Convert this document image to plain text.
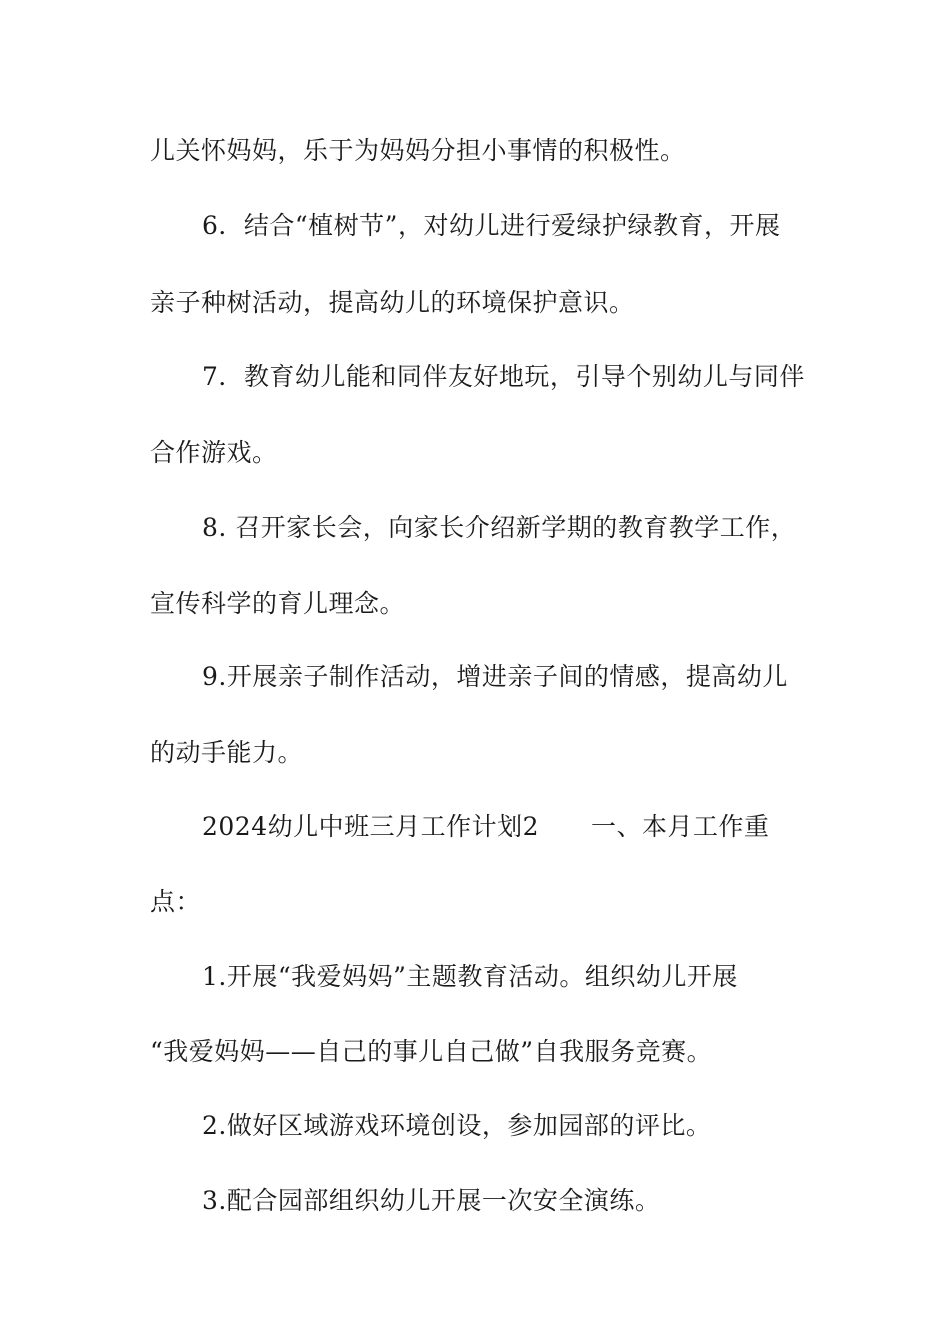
儿关怀妈妈，乐于为妈妈分担小事情的积极性。
6．结合“植树节”，对幼儿进行爱绿护绿教育，开展
亲子种树活动，提高幼儿的环境保护意识。
7．教育幼儿能和同伴友好地玩，引导个别幼儿与同伴
合作游戏。
8. 召开家长会，向家长介绍新学期的教育教学工作，
宣传科学的育儿理念。
9.开展亲子制作活动，增进亲子间的情感，提高幼儿
的动手能力。
2024幼儿中班三月工作计划2 一、本月工作重
点：
1.开展“我爱妈妈”主题教育活动。组织幼儿开展
“我爱妈妈——自己的事儿自己做”自我服务竞赛。
2.做好区域游戏环境创设，参加园部的评比。
3.配合园部组织幼儿开展一次安全演练。
